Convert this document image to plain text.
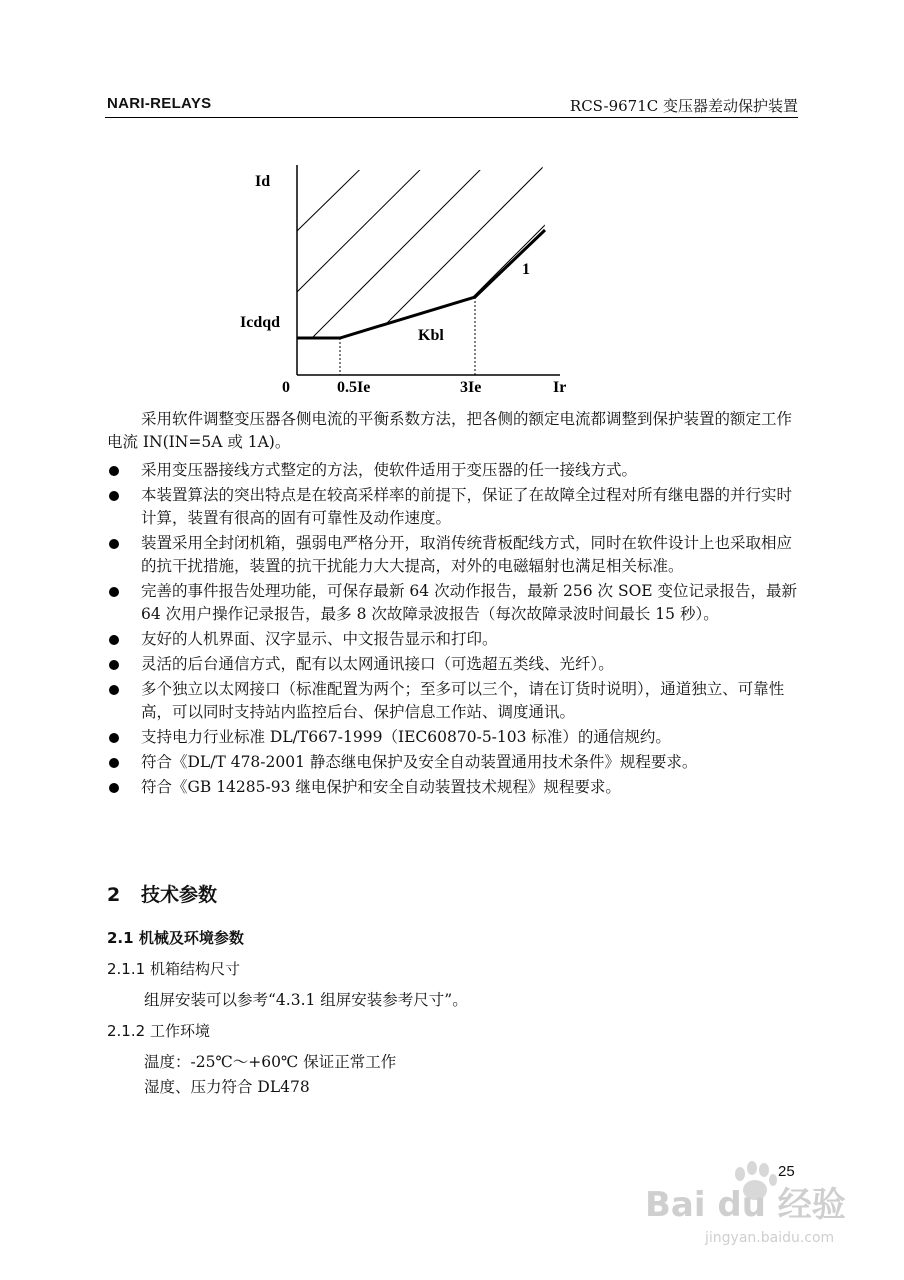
NARI-RELAYS	RCS-9671C 变压器差动保护装置
Id
Icdqd
0	0.5Ie	3Ie	Ir
Kbl
1
采用软件调整变压器各侧电流的平衡系数方法，把各侧的额定电流都调整到保护装置的额定工作电流 IN(IN=5A 或 1A)。
采用变压器接线方式整定的方法，使软件适用于变压器的任一接线方式。
本装置算法的突出特点是在较高采样率的前提下，保证了在故障全过程对所有继电器的并行实时计算，装置有很高的固有可靠性及动作速度。
装置采用全封闭机箱，强弱电严格分开，取消传统背板配线方式，同时在软件设计上也采取相应的抗干扰措施，装置的抗干扰能力大大提高，对外的电磁辐射也满足相关标准。
完善的事件报告处理功能，可保存最新 64 次动作报告，最新 256 次 SOE 变位记录报告，最新 64 次用户操作记录报告，最多 8 次故障录波报告（每次故障录波时间最长 15 秒）。
友好的人机界面、汉字显示、中文报告显示和打印。
灵活的后台通信方式，配有以太网通讯接口（可选超五类线、光纤）。
多个独立以太网接口（标准配置为两个；至多可以三个，请在订货时说明），通道独立、可靠性高，可以同时支持站内监控后台、保护信息工作站、调度通讯。
支持电力行业标准 DL/T667-1999（IEC60870-5-103 标准）的通信规约。
符合《DL/T 478-2001 静态继电保护及安全自动装置通用技术条件》规程要求。
符合《GB 14285-93 继电保护和安全自动装置技术规程》规程要求。
2 技术参数
2.1 机械及环境参数
2.1.1 机箱结构尺寸
组屏安装可以参考“4.3.1 组屏安装参考尺寸”。
2.1.2 工作环境
温度：-25℃～+60℃ 保证正常工作
湿度、压力符合 DL478
25
Bai du 经验
jingyan.baidu.com
